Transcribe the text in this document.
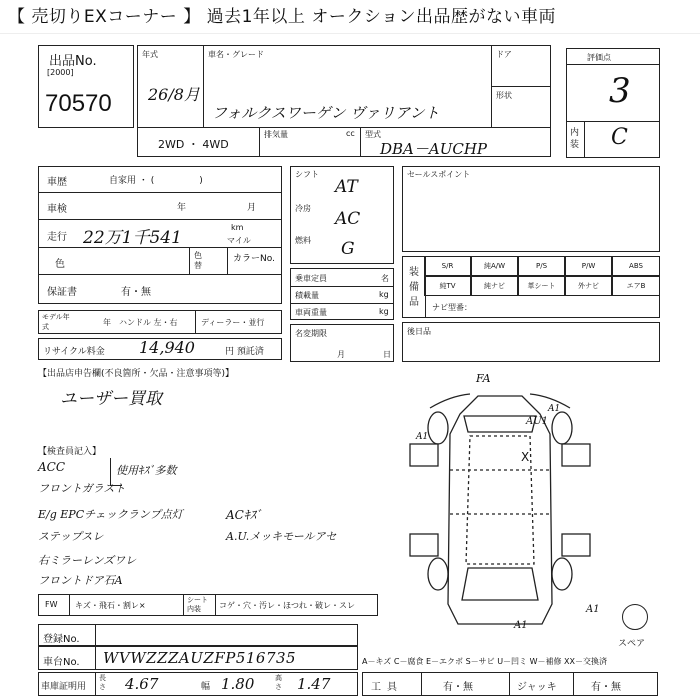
【 売切りEXコーナー 】 過去1年以上 オークション出品歴がない車両
出品No.
[2000]
70570
年式
26/8月
車名・グレード
フォルクスワーゲン ヴァリアント
ドア
形状
2WD ・ 4WD
排気量	cc 型式
DBA－AUCHP
評価点
3
内装 C
車歴	自家用 ・ (　　　　　)
車検	年	月
走行 22万1千541
km
マイル
色
色替
カラーNo.
保証書	有・無
モデル年式	年 ハンドル 左・右	ディーラー・並行
リサイクル料金 14,940	円 預託済
シフト
AT
冷房
AC
燃料 G
乗車定員	名
積載量	kg
車両重量	kg
名変期限
月	日
セールスポイント
装備品
S/R	純A/W	P/S	P/W	ABS
純TV	純ナビ	革シート	外ナビ	エアB
ナビ型番：
後日品
【出品店申告欄(不良箇所・欠品・注意事項等)】
ユーザー買取
【検査員記入】
ACC
フロントガラスト
E/g EPCチェックランプ点灯
ステップスレ
右ミラーレンズワレ
フロントドア石A
使用ｷｽﾞ多数
ACｷｽﾞ
A.U.メッキモールアセ
FW キズ・飛石・割レ×
シート内装	コゲ・穴・汚レ・ほつれ・破レ・スレ
FA
AU1
X
A1
A1
A1
A1
スペア
登録No.
車台No. WVWZZZAUZFP516735	A－キズ C－腐食 E－エクボ S－サビ U－凹ミ W－補修 XX－交換済
車庫証明用
長さ 4.67	幅 1.80	高さ 1.47	工具	有・無	ジャッキ	有・無
